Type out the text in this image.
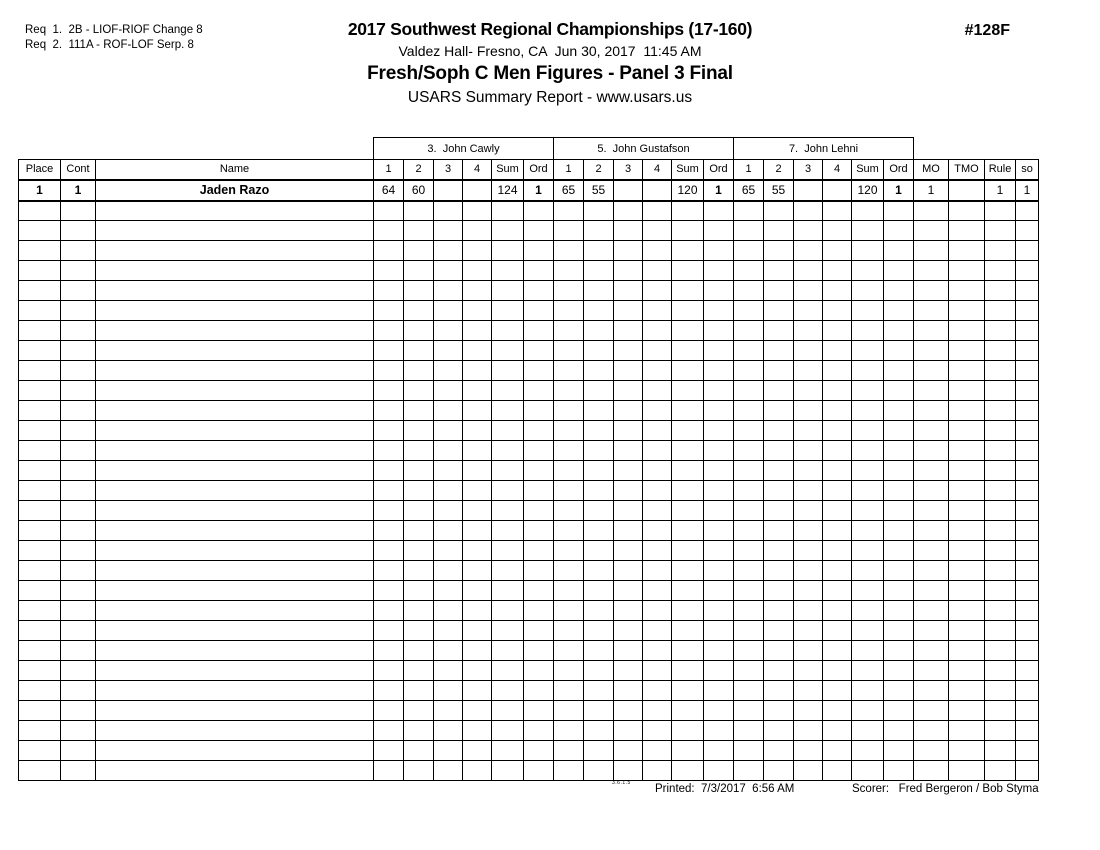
Req  1.  2B - LIOF-RIOF Change 8
Req  2.  111A - ROF-LOF Serp. 8
2017 Southwest Regional Championships (17-160)
Valdez Hall- Fresno, CA  Jun 30, 2017  11:45 AM
Fresh/Soph C Men Figures - Panel 3 Final
USARS Summary Report - www.usars.us
#128F
			3.  John Cawly						5.  John Gustafson						7.  John Lehni									
Place	Cont	Name	1	2	3	4	Sum	Ord	1	2	3	4	Sum	Ord	1	2	3	4	Sum	Ord	MO	TMO	Rule	so
1	1	Jaden Razo	64	60			124	1	65	55			120	1	65	55			120	1	1		1	1

3.6.1.5 Printed: 7/3/2017  6:56 AM	Scorer: Fred Bergeron / Bob Styma
